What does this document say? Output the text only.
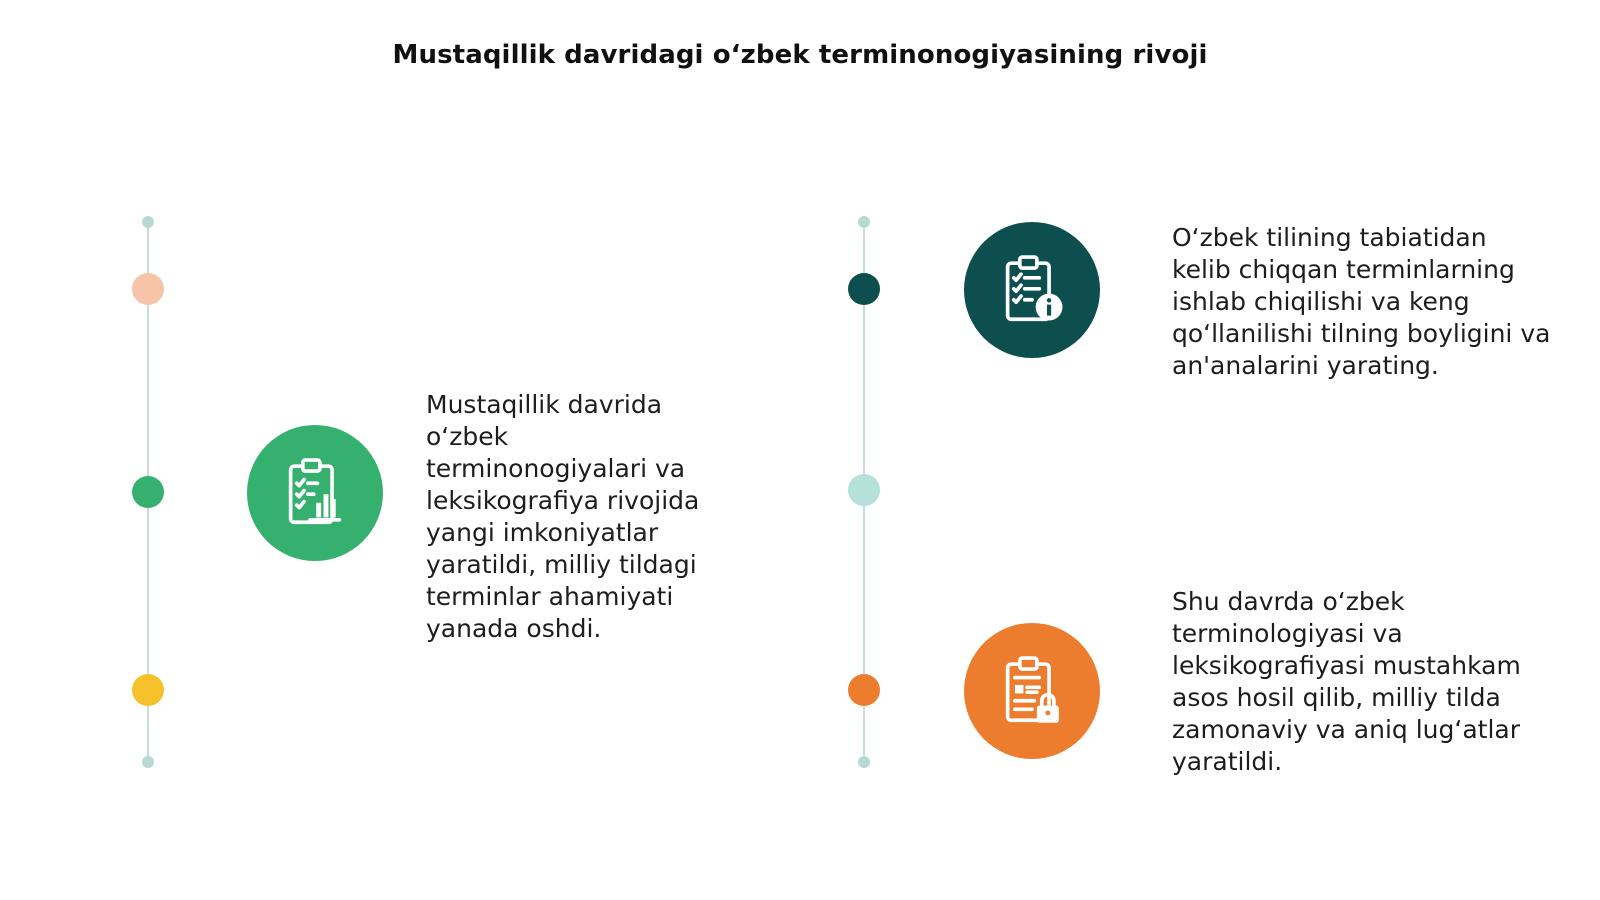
Mustaqillik davridagi o‘zbek terminonogiyasining rivoji

Mustaqillik davrida o‘zbek terminonogiyalari va leksikografiya rivojida yangi imkoniyatlar yaratildi, milliy tildagi terminlar ahamiyati yanada oshdi.

O‘zbek tilining tabiatidan kelib chiqqan terminlarning ishlab chiqilishi va keng qo‘llanilishi tilning boyligini va an'analarini yarating.

Shu davrda o‘zbek terminologiyasi va leksikografiyasi mustahkam asos hosil qilib, milliy tilda zamonaviy va aniq lug‘atlar yaratildi.
